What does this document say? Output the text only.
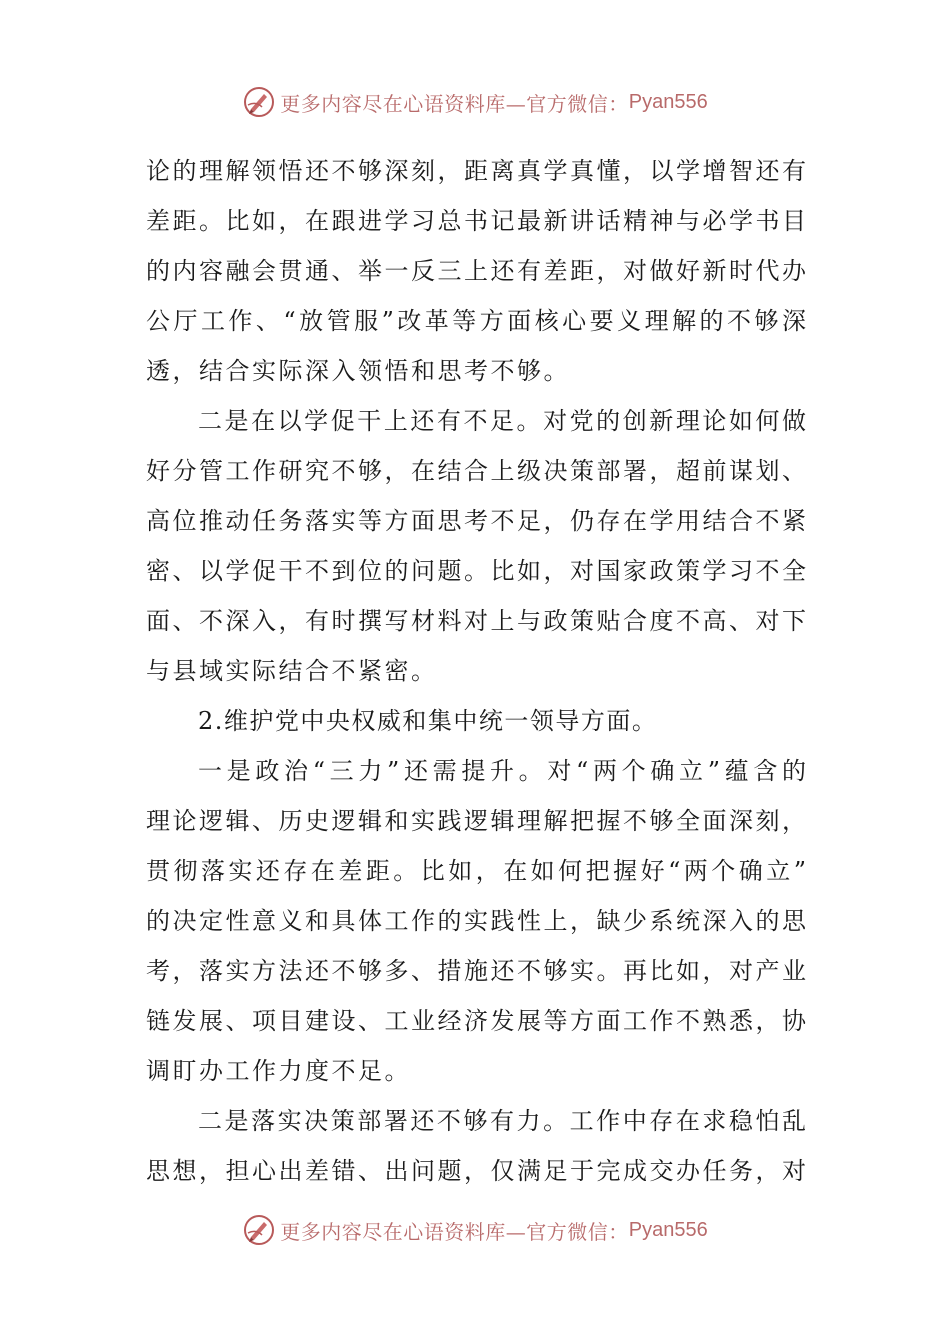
更多内容尽在心语资料库—官方微信： Pyan556
论的理解领悟还不够深刻，距离真学真懂，以学增智还有
差距。比如，在跟进学习总书记最新讲话精神与必学书目
的内容融会贯通、举一反三上还有差距，对做好新时代办
公厅工作、“放管服”改革等方面核心要义理解的不够深
透，结合实际深入领悟和思考不够。
二是在以学促干上还有不足。对党的创新理论如何做
好分管工作研究不够，在结合上级决策部署，超前谋划、
高位推动任务落实等方面思考不足，仍存在学用结合不紧
密、以学促干不到位的问题。比如，对国家政策学习不全
面、不深入，有时撰写材料对上与政策贴合度不高、对下
与县域实际结合不紧密。
2.维护党中央权威和集中统一领导方面。
一是政治“三力”还需提升。对“两个确立”蕴含的
理论逻辑、历史逻辑和实践逻辑理解把握不够全面深刻，
贯彻落实还存在差距。比如，在如何把握好“两个确立”
的决定性意义和具体工作的实践性上，缺少系统深入的思
考，落实方法还不够多、措施还不够实。再比如，对产业
链发展、项目建设、工业经济发展等方面工作不熟悉，协
调盯办工作力度不足。
二是落实决策部署还不够有力。工作中存在求稳怕乱
思想，担心出差错、出问题，仅满足于完成交办任务，对
更多内容尽在心语资料库—官方微信： Pyan556
